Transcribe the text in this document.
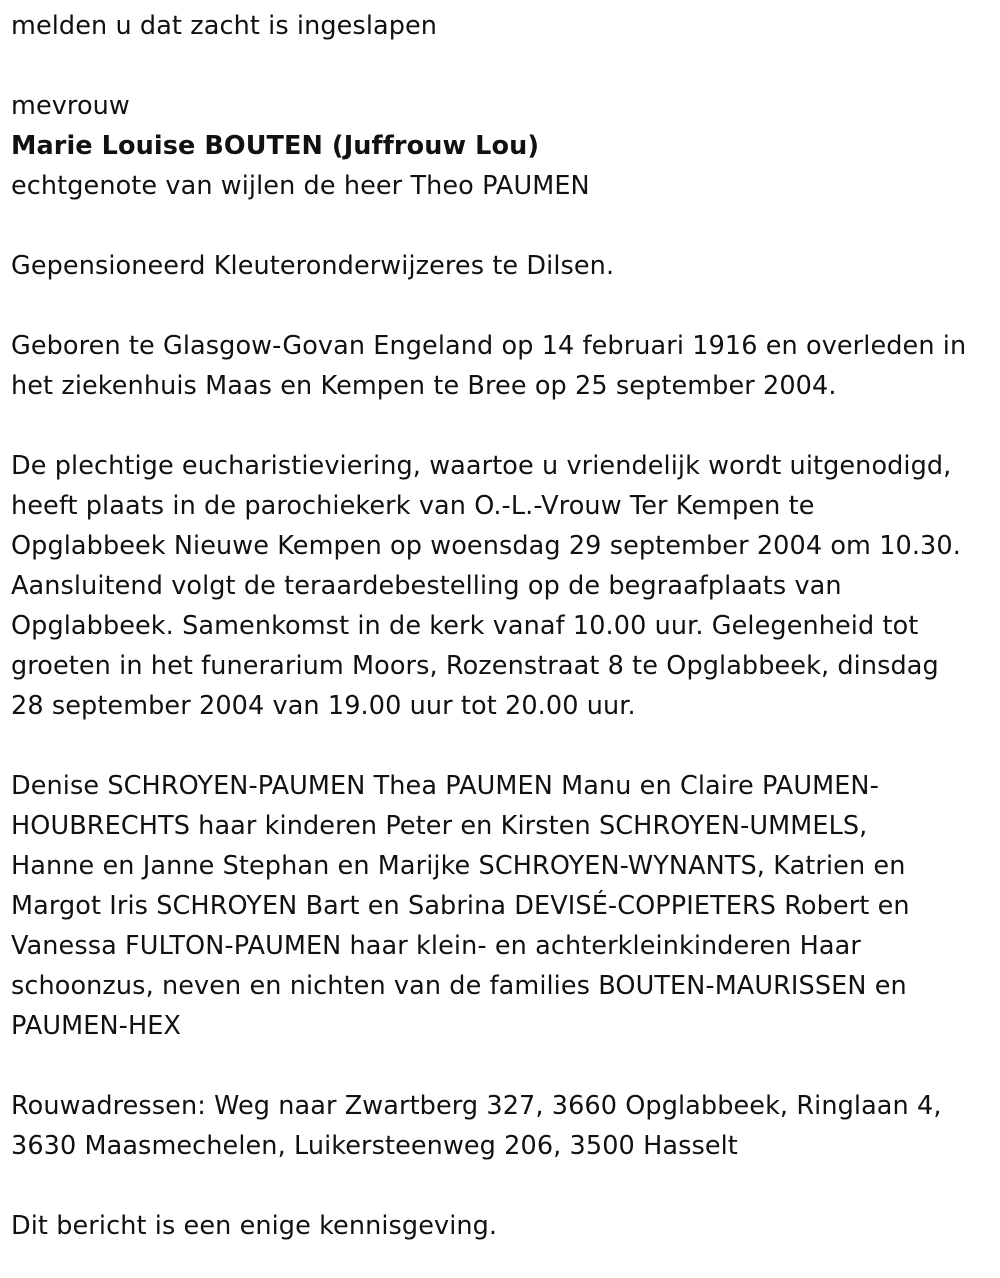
melden u dat zacht is ingeslapen
mevrouw
Marie Louise BOUTEN (Juffrouw Lou)
echtgenote van wijlen de heer Theo PAUMEN
Gepensioneerd Kleuteronderwijzeres te Dilsen.
Geboren te Glasgow-Govan Engeland op 14 februari 1916 en overleden in
het ziekenhuis Maas en Kempen te Bree op 25 september 2004.
De plechtige eucharistieviering, waartoe u vriendelijk wordt uitgenodigd,
heeft plaats in de parochiekerk van O.-L.-Vrouw Ter Kempen te
Opglabbeek Nieuwe Kempen op woensdag 29 september 2004 om 10.30.
Aansluitend volgt de teraardebestelling op de begraafplaats van
Opglabbeek. Samenkomst in de kerk vanaf 10.00 uur. Gelegenheid tot
groeten in het funerarium Moors, Rozenstraat 8 te Opglabbeek, dinsdag
28 september 2004 van 19.00 uur tot 20.00 uur.
Denise SCHROYEN-PAUMEN Thea PAUMEN Manu en Claire PAUMEN-
HOUBRECHTS haar kinderen Peter en Kirsten SCHROYEN-UMMELS,
Hanne en Janne Stephan en Marijke SCHROYEN-WYNANTS, Katrien en
Margot Iris SCHROYEN Bart en Sabrina DEVISÉ-COPPIETERS Robert en
Vanessa FULTON-PAUMEN haar klein- en achterkleinkinderen Haar
schoonzus, neven en nichten van de families BOUTEN-MAURISSEN en
PAUMEN-HEX
Rouwadressen: Weg naar Zwartberg 327, 3660 Opglabbeek, Ringlaan 4,
3630 Maasmechelen, Luikersteenweg 206, 3500 Hasselt
Dit bericht is een enige kennisgeving.
